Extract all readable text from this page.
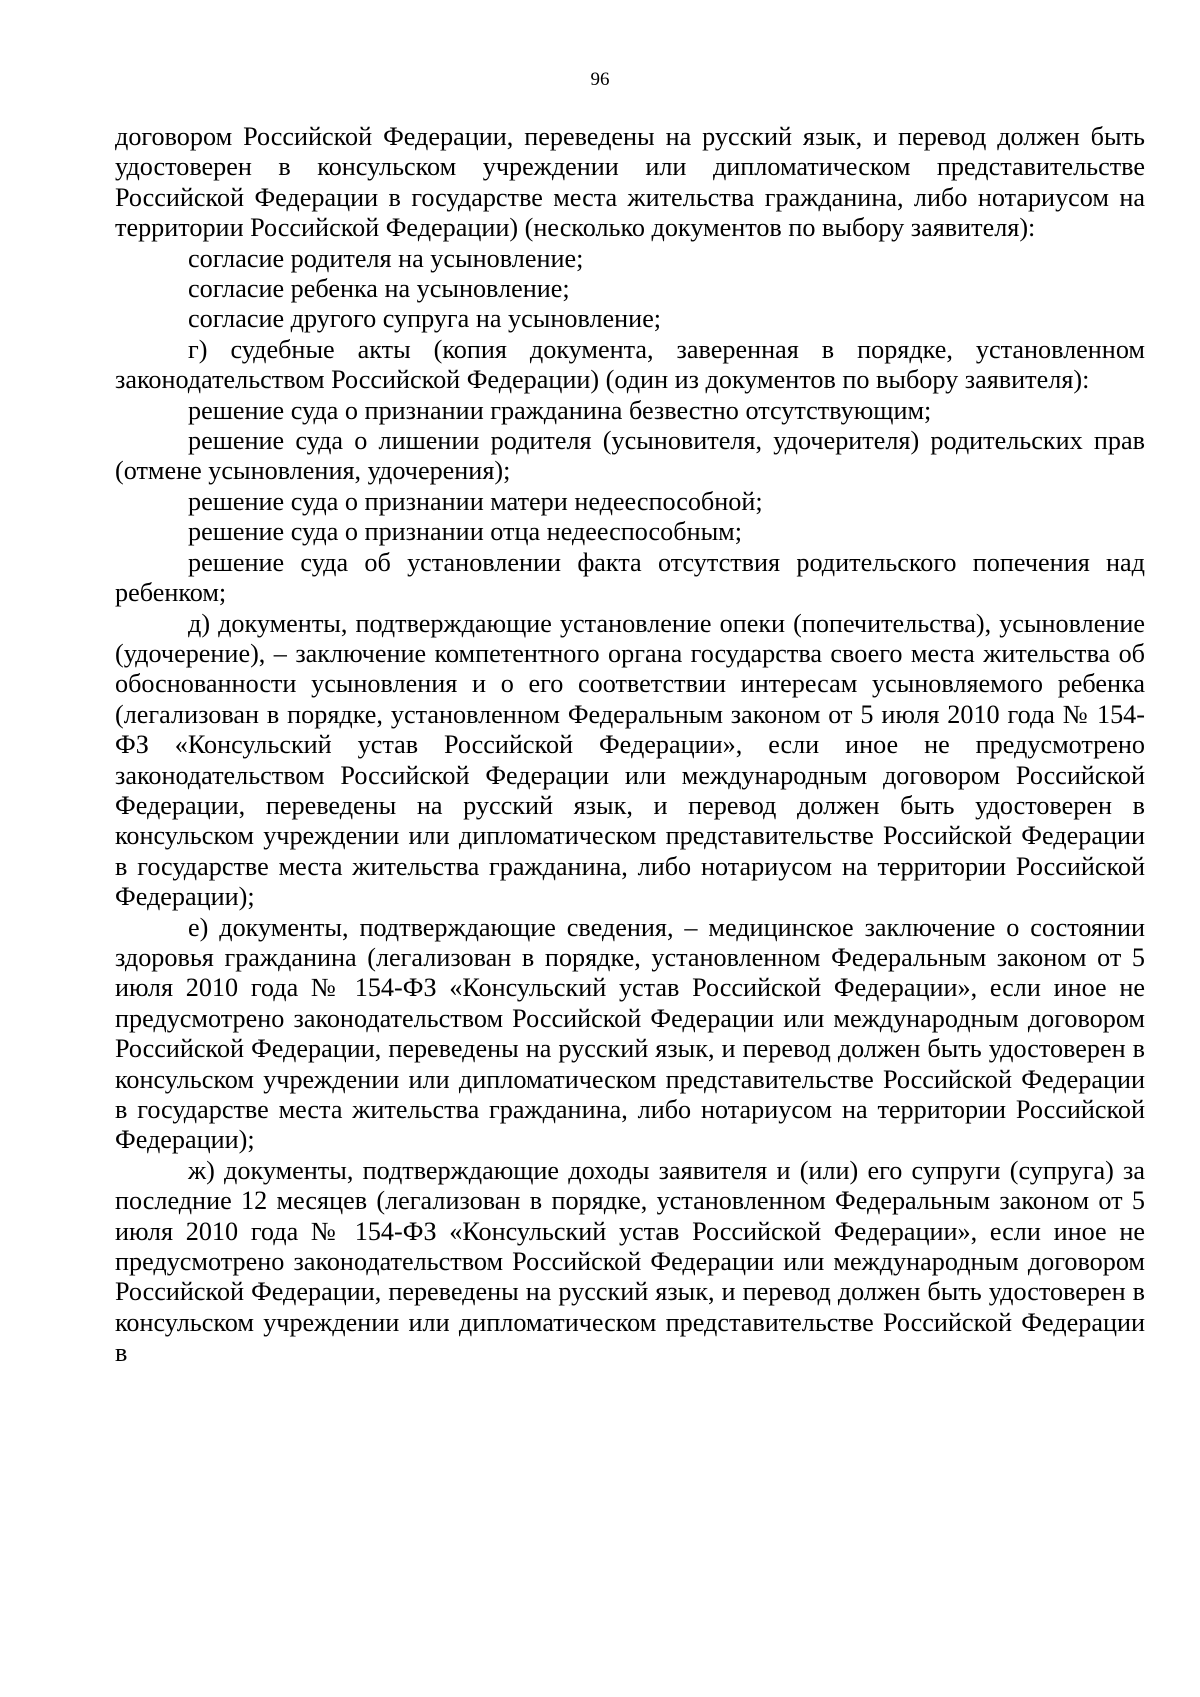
96

договором Российской Федерации, переведены на русский язык, и перевод должен быть удостоверен в консульском учреждении или дипломатическом представительстве Российской Федерации в государстве места жительства гражданина, либо нотариусом на территории Российской Федерации) (несколько документов по выбору заявителя):

согласие родителя на усыновление;

согласие ребенка на усыновление;

согласие другого супруга на усыновление;

г) судебные акты (копия документа, заверенная в порядке, установленном законодательством Российской Федерации) (один из документов по выбору заявителя):

решение суда о признании гражданина безвестно отсутствующим;

решение суда о лишении родителя (усыновителя, удочерителя) родительских прав (отмене усыновления, удочерения);

решение суда о признании матери недееспособной;

решение суда о признании отца недееспособным;

решение суда об установлении факта отсутствия родительского попечения над ребенком;

д) документы, подтверждающие установление опеки (попечительства), усыновление (удочерение), – заключение компетентного органа государства своего места жительства об обоснованности усыновления и о его соответствии интересам усыновляемого ребенка (легализован в порядке, установленном Федеральным законом от 5 июля 2010 года № 154-ФЗ «Консульский устав Российской Федерации», если иное не предусмотрено законодательством Российской Федерации или международным договором Российской Федерации, переведены на русский язык, и перевод должен быть удостоверен в консульском учреждении или дипломатическом представительстве Российской Федерации в государстве места жительства гражданина, либо нотариусом на территории Российской Федерации);

е) документы, подтверждающие сведения, – медицинское заключение о состоянии здоровья гражданина (легализован в порядке, установленном Федеральным законом от 5 июля 2010 года № 154-ФЗ «Консульский устав Российской Федерации», если иное не предусмотрено законодательством Российской Федерации или международным договором Российской Федерации, переведены на русский язык, и перевод должен быть удостоверен в консульском учреждении или дипломатическом представительстве Российской Федерации в государстве места жительства гражданина, либо нотариусом на территории Российской Федерации);

ж) документы, подтверждающие доходы заявителя и (или) его супруги (супруга) за последние 12 месяцев (легализован в порядке, установленном Федеральным законом от 5 июля 2010 года № 154-ФЗ «Консульский устав Российской Федерации», если иное не предусмотрено законодательством Российской Федерации или международным договором Российской Федерации, переведены на русский язык, и перевод должен быть удостоверен в консульском учреждении или дипломатическом представительстве Российской Федерации в
